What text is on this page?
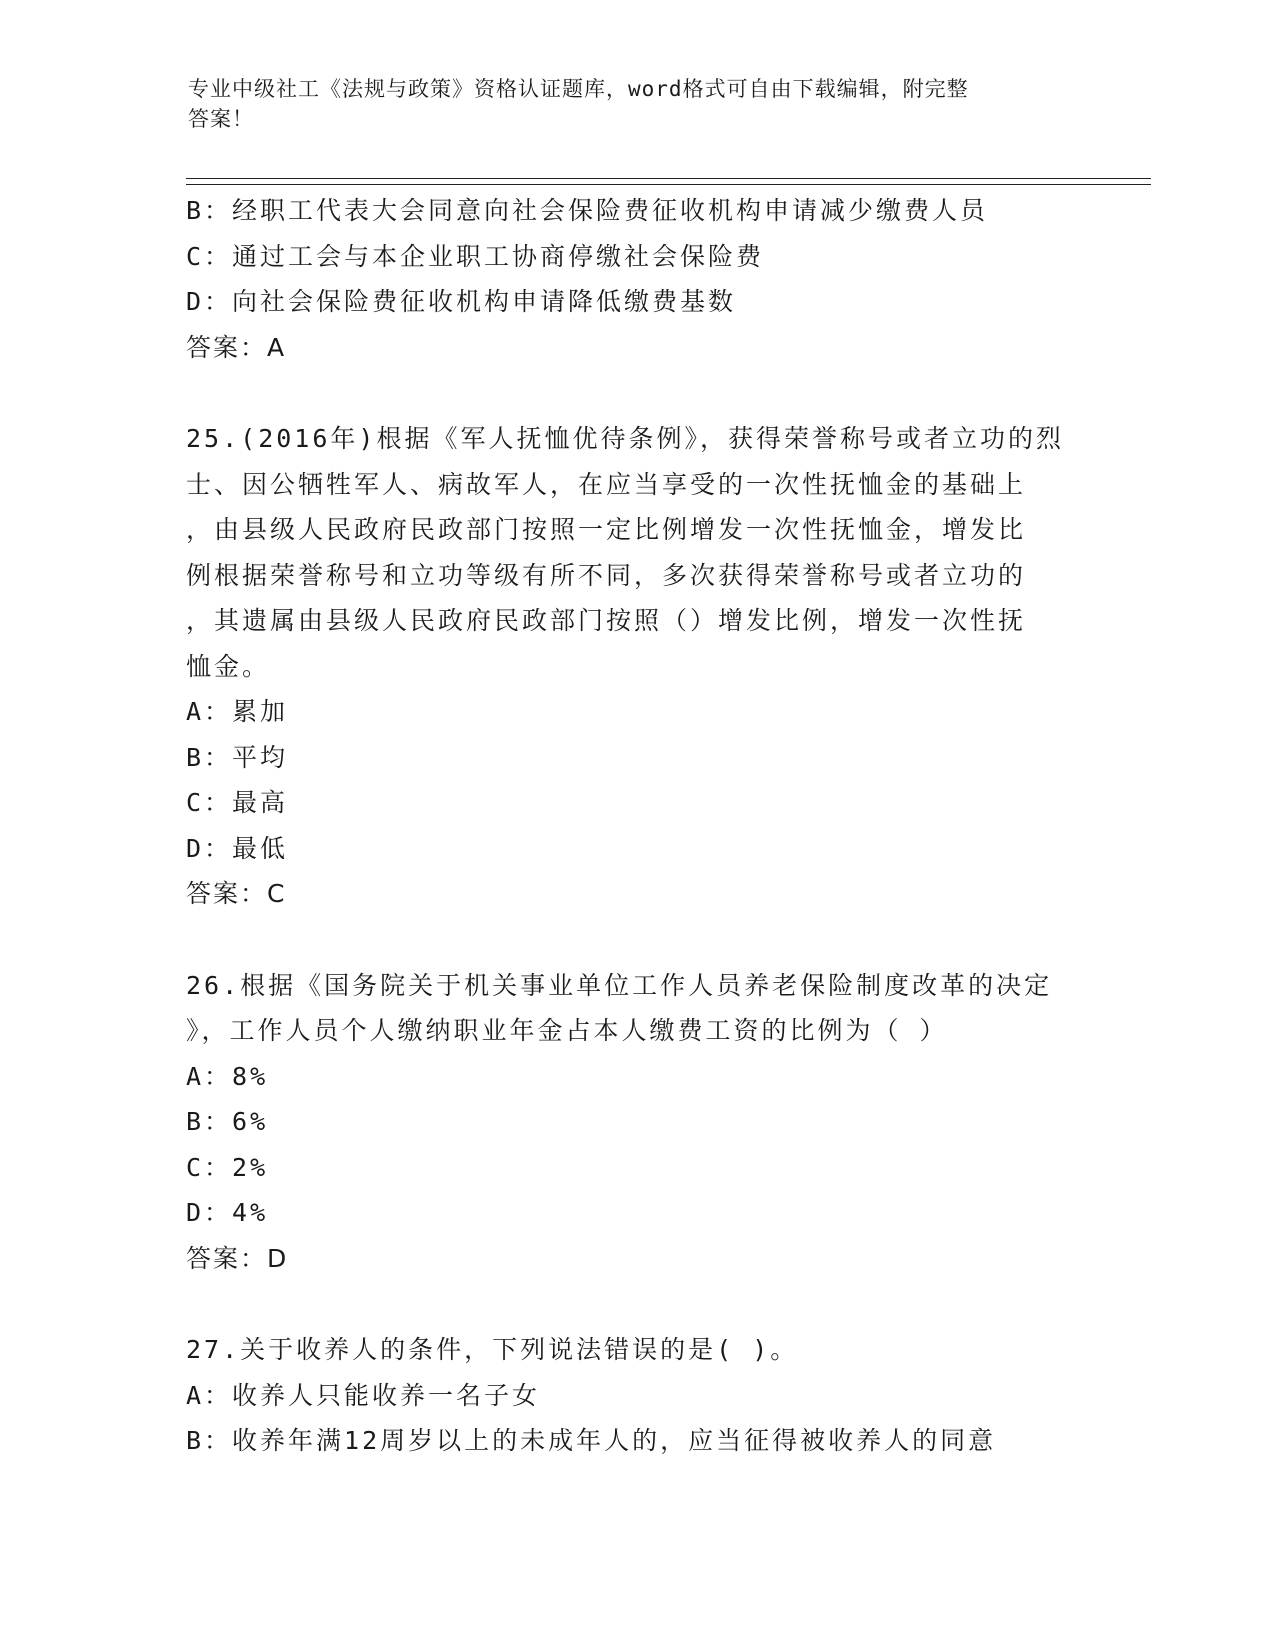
专业中级社工《法规与政策》资格认证题库，word格式可自由下载编辑，附完整
答案！
B：经职工代表大会同意向社会保险费征收机构申请减少缴费人员
C：通过工会与本企业职工协商停缴社会保险费
D：向社会保险费征收机构申请降低缴费基数
答案：A
25.(2016年)根据《军人抚恤优待条例》，获得荣誉称号或者立功的烈
士、因公牺牲军人、病故军人，在应当享受的一次性抚恤金的基础上
，由县级人民政府民政部门按照一定比例增发一次性抚恤金，增发比
例根据荣誉称号和立功等级有所不同，多次获得荣誉称号或者立功的
，其遗属由县级人民政府民政部门按照（）增发比例，增发一次性抚
恤金。
A：累加
B：平均
C：最高
D：最低
答案：C
26.根据《国务院关于机关事业单位工作人员养老保险制度改革的决定
》，工作人员个人缴纳职业年金占本人缴费工资的比例为（ ）
A：8%
B：6%
C：2%
D：4%
答案：D
27.关于收养人的条件，下列说法错误的是( )。
A：收养人只能收养一名子女
B：收养年满12周岁以上的未成年人的，应当征得被收养人的同意
